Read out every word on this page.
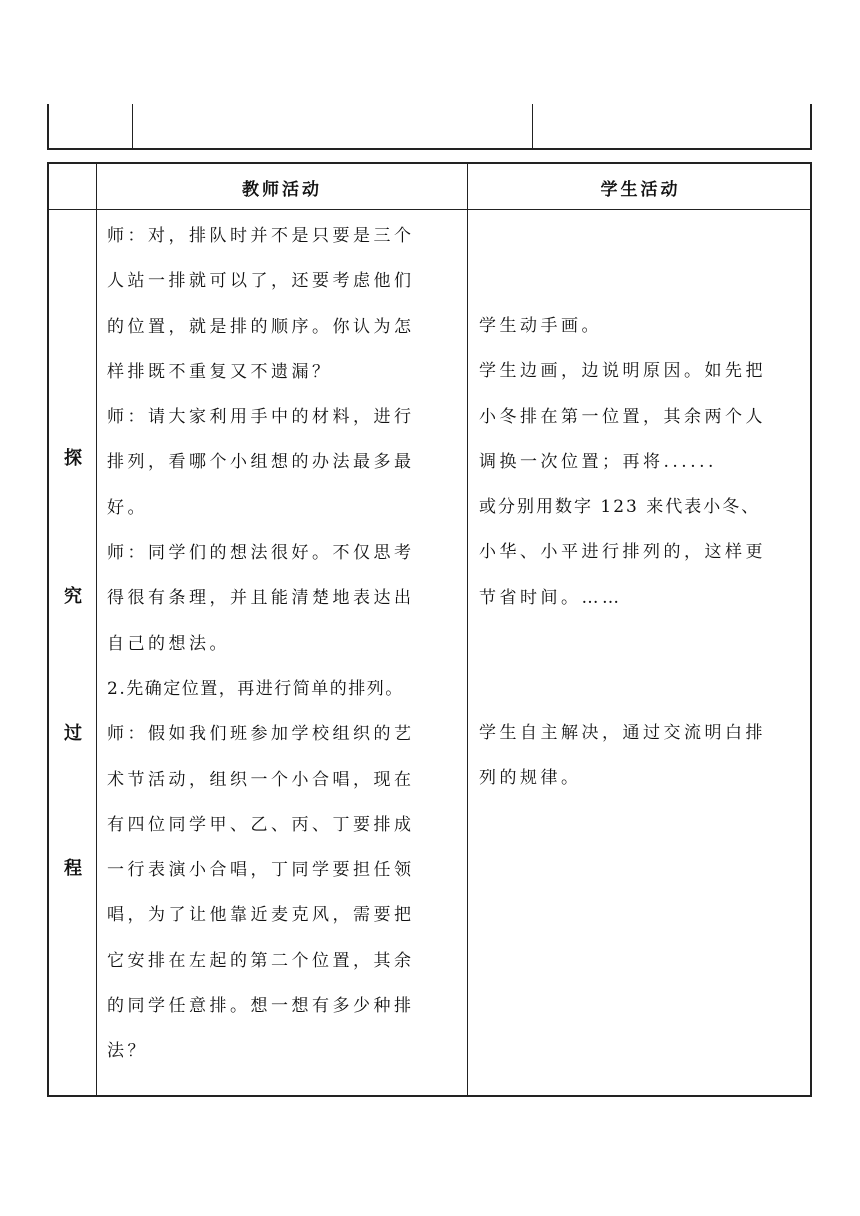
教师活动	学生活动
探
究
过
程

师：对，排队时并不是只要是三个

人站一排就可以了，还要考虑他们

的位置，就是排的顺序。你认为怎

样排既不重复又不遗漏？

师：请大家利用手中的材料，进行

排列，看哪个小组想的办法最多最

好。

师：同学们的想法很好。不仅思考

得很有条理，并且能清楚地表达出

自己的想法。

2.先确定位置，再进行简单的排列。

师：假如我们班参加学校组织的艺

术节活动，组织一个小合唱，现在

有四位同学甲、乙、丙、丁要排成

一行表演小合唱，丁同学要担任领

唱，为了让他靠近麦克风，需要把

它安排在左起的第二个位置，其余

的同学任意排。想一想有多少种排

法？

学生动手画。

学生边画，边说明原因。如先把

小冬排在第一位置，其余两个人

调换一次位置；再将......

或分别用数字 123 来代表小冬、

小华、小平进行排列的，这样更

节省时间。……

学生自主解决，通过交流明白排

列的规律。
